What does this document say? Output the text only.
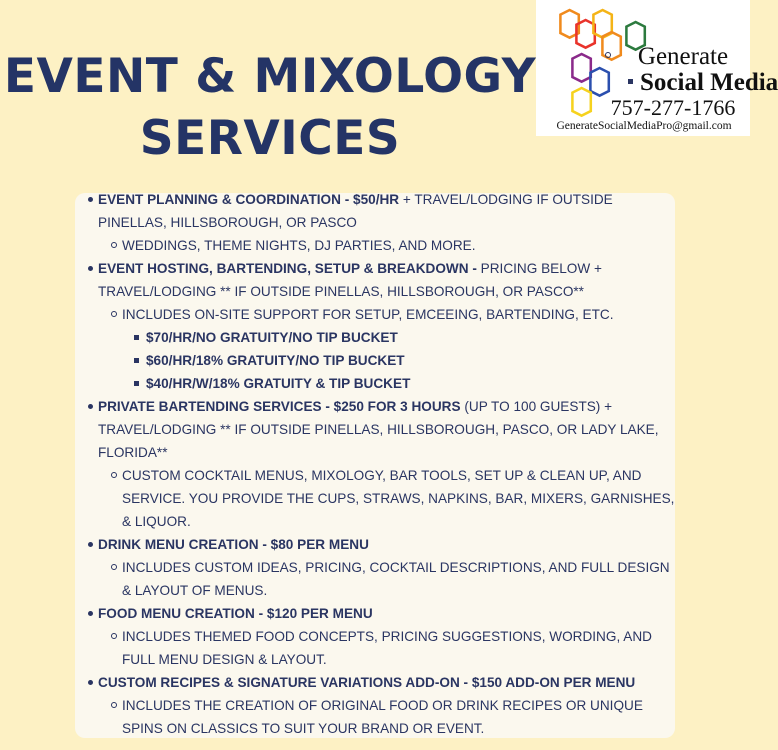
EVENT & MIXOLOGY
SERVICES
Generate
Social Media
757-277-1766
GenerateSocialMediaPro@gmail.com
EVENT PLANNING & COORDINATION - $50/HR + TRAVEL/LODGING IF OUTSIDE PINELLAS, HILLSBOROUGH, OR PASCO
WEDDINGS, THEME NIGHTS, DJ PARTIES, AND MORE.
EVENT HOSTING, BARTENDING, SETUP & BREAKDOWN - PRICING BELOW + TRAVEL/LODGING ** IF OUTSIDE PINELLAS, HILLSBOROUGH, OR PASCO**
INCLUDES ON-SITE SUPPORT FOR SETUP, EMCEEING, BARTENDING, ETC.
$70/HR/NO GRATUITY/NO TIP BUCKET
$60/HR/18% GRATUITY/NO TIP BUCKET
$40/HR/W/18% GRATUITY & TIP BUCKET
PRIVATE BARTENDING SERVICES - $250 FOR 3 HOURS (UP TO 100 GUESTS) + TRAVEL/LODGING ** IF OUTSIDE PINELLAS, HILLSBOROUGH, PASCO, OR LADY LAKE, FLORIDA**
CUSTOM COCKTAIL MENUS, MIXOLOGY, BAR TOOLS, SET UP & CLEAN UP, AND SERVICE. YOU PROVIDE THE CUPS, STRAWS, NAPKINS, BAR, MIXERS, GARNISHES, & LIQUOR.
DRINK MENU CREATION - $80 PER MENU
INCLUDES CUSTOM IDEAS, PRICING, COCKTAIL DESCRIPTIONS, AND FULL DESIGN & LAYOUT OF MENUS.
FOOD MENU CREATION - $120 PER MENU
INCLUDES THEMED FOOD CONCEPTS, PRICING SUGGESTIONS, WORDING, AND FULL MENU DESIGN & LAYOUT.
CUSTOM RECIPES & SIGNATURE VARIATIONS ADD-ON - $150 ADD-ON PER MENU
INCLUDES THE CREATION OF ORIGINAL FOOD OR DRINK RECIPES OR UNIQUE SPINS ON CLASSICS TO SUIT YOUR BRAND OR EVENT.
